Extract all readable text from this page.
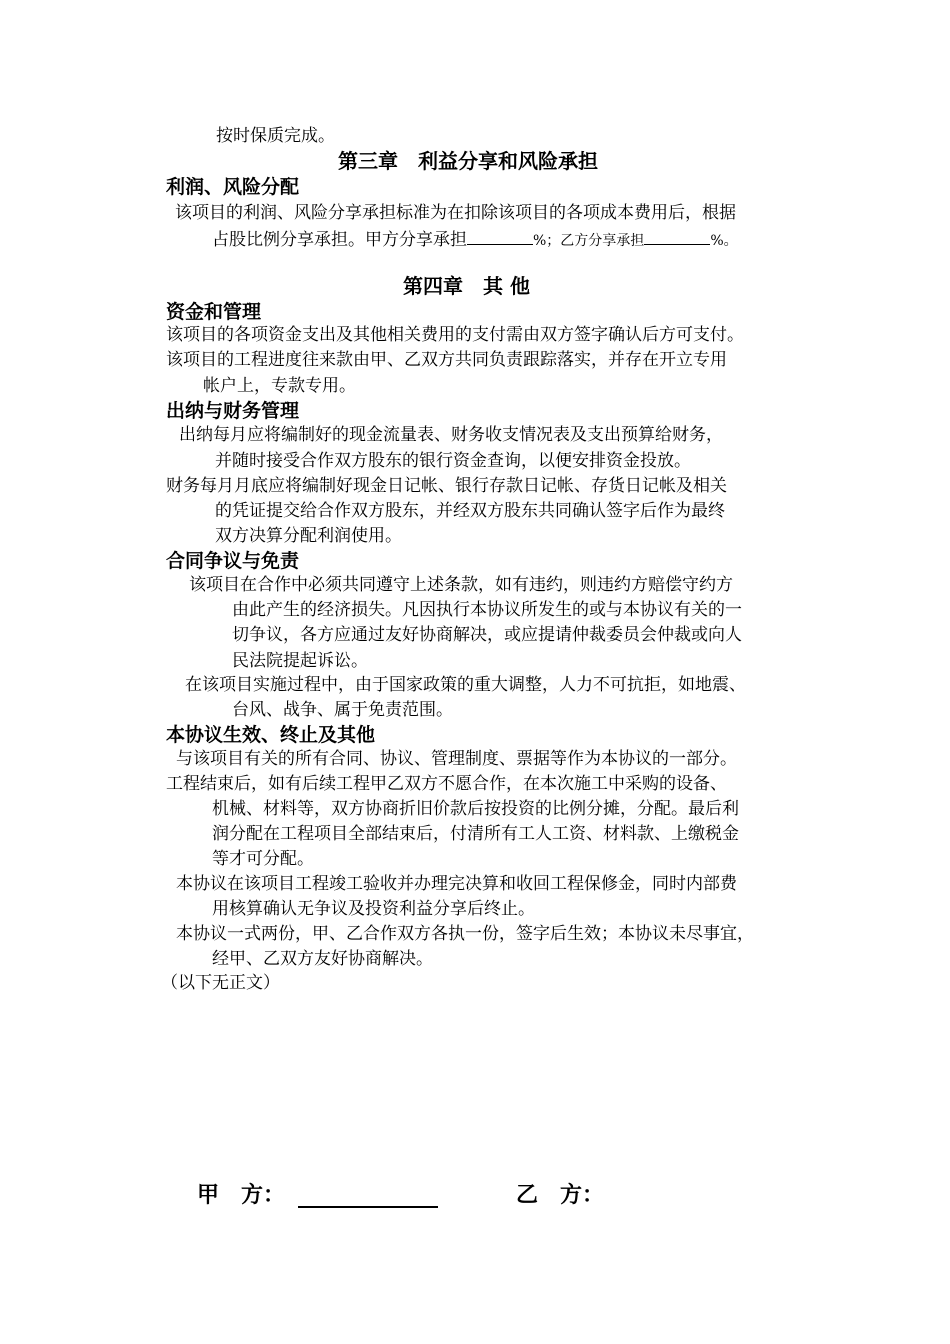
按时保质完成。
第三章　利益分享和风险承担
利润、风险分配
该项目的利润、风险分享承担标准为在扣除该项目的各项成本费用后，根据
占股比例分享承担。甲方分享承担	%；乙方分享承担	%。
第四章　其 他
资金和管理
该项目的各项资金支出及其他相关费用的支付需由双方签字确认后方可支付。
该项目的工程进度往来款由甲、乙双方共同负责跟踪落实，并存在开立专用
帐户上，专款专用。
出纳与财务管理
出纳每月应将编制好的现金流量表、财务收支情况表及支出预算给财务，
并随时接受合作双方股东的银行资金查询，以便安排资金投放。
财务每月月底应将编制好现金日记帐、银行存款日记帐、存货日记帐及相关
的凭证提交给合作双方股东，并经双方股东共同确认签字后作为最终
双方决算分配利润使用。
合同争议与免责
该项目在合作中必须共同遵守上述条款，如有违约，则违约方赔偿守约方
由此产生的经济损失。凡因执行本协议所发生的或与本协议有关的一
切争议，各方应通过友好协商解决，或应提请仲裁委员会仲裁或向人
民法院提起诉讼。
在该项目实施过程中，由于国家政策的重大调整，人力不可抗拒，如地震、
台风、战争、属于免责范围。
本协议生效、终止及其他
与该项目有关的所有合同、协议、管理制度、票据等作为本协议的一部分。
工程结束后，如有后续工程甲乙双方不愿合作，在本次施工中采购的设备、
机械、材料等，双方协商折旧价款后按投资的比例分摊，分配。最后利
润分配在工程项目全部结束后，付清所有工人工资、材料款、上缴税金
等才可分配。
本协议在该项目工程竣工验收并办理完决算和收回工程保修金，同时内部费
用核算确认无争议及投资利益分享后终止。
本协议一式两份，甲、乙合作双方各执一份，签字后生效；本协议未尽事宜，
经甲、乙双方友好协商解决。
（以下无正文）
甲　方：	乙　方：
